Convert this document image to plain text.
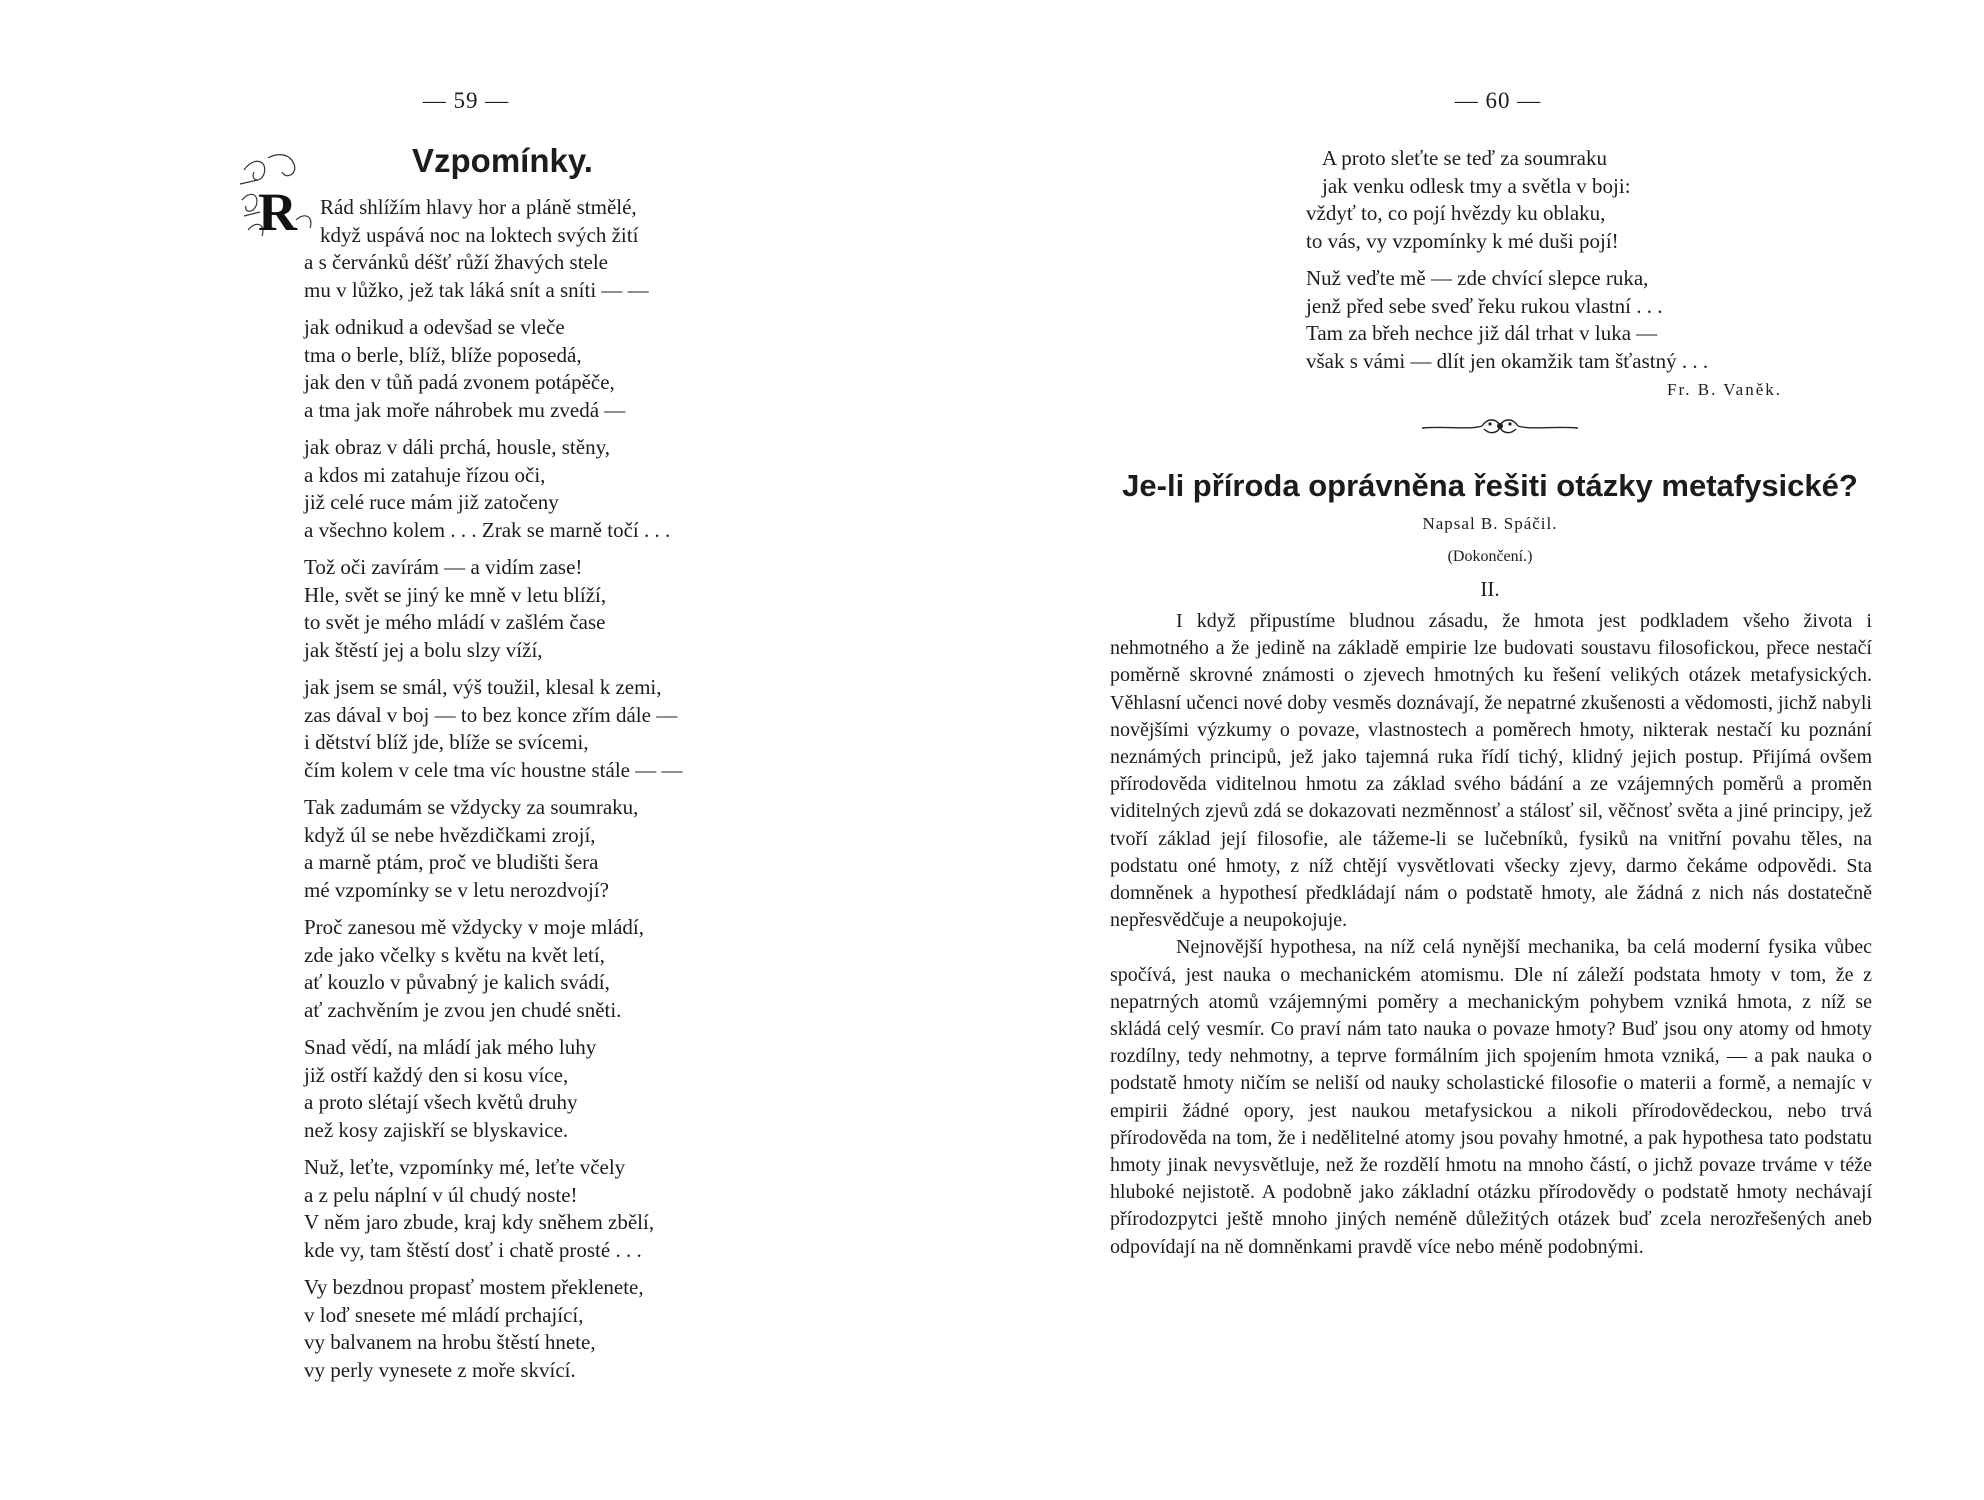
— 59 —
R
Vzpomínky.
Rád shlížím hlavy hor a pláně stmělé,
když uspává noc na loktech svých žití
a s červánků déšť růží žhavých stele
mu v lůžko, jež tak láká snít a sníti — —
jak odnikud a odevšad se vleče
tma o berle, blíž, blíže poposedá,
jak den v tůň padá zvonem potápěče,
a tma jak moře náhrobek mu zvedá —
jak obraz v dáli prchá, housle, stěny,
a kdos mi zatahuje řízou oči,
již celé ruce mám již zatočeny
a všechno kolem . . . Zrak se marně točí . . .
Tož oči zavírám — a vidím zase!
Hle, svět se jiný ke mně v letu blíží,
to svět je mého mládí v zašlém čase
jak štěstí jej a bolu slzy víží,
jak jsem se smál, výš toužil, klesal k zemi,
zas dával v boj — to bez konce zřím dále —
i dětství blíž jde, blíže se svícemi,
čím kolem v cele tma víc houstne stále — —
Tak zadumám se vždycky za soumraku,
když úl se nebe hvězdičkami zrojí,
a marně ptám, proč ve bludišti šera
mé vzpomínky se v letu nerozdvojí?
Proč zanesou mě vždycky v moje mládí,
zde jako včelky s květu na květ letí,
ať kouzlo v půvabný je kalich svádí,
ať zachvěním je zvou jen chudé sněti.
Snad vědí, na mládí jak mého luhy
již ostří každý den si kosu více,
a proto slétají všech květů druhy
než kosy zajiskří se blyskavice.
Nuž, leťte, vzpomínky mé, leťte včely
a z pelu náplní v úl chudý noste!
V něm jaro zbude, kraj kdy sněhem zbělí,
kde vy, tam štěstí dosť i chatě prosté . . .
Vy bezdnou propasť mostem překlenete,
v loď snesete mé mládí prchající,
vy balvanem na hrobu štěstí hnete,
vy perly vynesete z moře skvící.
— 60 —
A proto sleťte se teď za soumraku
jak venku odlesk tmy a světla v boji:
vždyť to, co pojí hvězdy ku oblaku,
to vás, vy vzpomínky k mé duši pojí!
Nuž veďte mě — zde chvící slepce ruka,
jenž před sebe sveď řeku rukou vlastní . . .
Tam za břeh nechce již dál trhat v luka —
však s vámi — dlít jen okamžik tam šťastný . . .
Fr. B. Vaněk.
Je-li příroda oprávněna řešiti otázky metafysické?
Napsal B. Spáčil.
(Dokončení.)
II.

I když připustíme bludnou zásadu, že hmota jest podkladem všeho života i nehmotného a že jedině na základě empirie lze budovati soustavu filosofickou, přece nestačí poměrně skrovné známosti o zjevech hmotných ku řešení velikých otázek metafysických. Věhlasní učenci nové doby vesměs doznávají, že nepatrné zkušenosti a vědomosti, jichž nabyli novějšími výzkumy o povaze, vlastnostech a poměrech hmoty, nikterak nestačí ku poznání neznámých principů, jež jako tajemná ruka řídí tichý, klidný jejich postup. Přijímá ovšem přírodověda viditelnou hmotu za základ svého bádání a ze vzájemných poměrů a proměn viditelných zjevů zdá se dokazovati nezměnnosť a stálosť sil, věčnosť světa a jiné principy, jež tvoří základ její filosofie, ale tážeme-li se lučebníků, fysiků na vnitřní povahu těles, na podstatu oné hmoty, z níž chtějí vysvětlovati všecky zjevy, darmo čekáme odpovědi. Sta domněnek a hypothesí předkládají nám o podstatě hmoty, ale žádná z nich nás dostatečně nepřesvědčuje a neupokojuje.

Nejnovější hypothesa, na níž celá nynější mechanika, ba celá moderní fysika vůbec spočívá, jest nauka o mechanickém atomismu. Dle ní záleží podstata hmoty v tom, že z nepatrných atomů vzájemnými poměry a mechanickým pohybem vzniká hmota, z níž se skládá celý vesmír. Co praví nám tato nauka o povaze hmoty? Buď jsou ony atomy od hmoty rozdílny, tedy nehmotny, a teprve formálním jich spojením hmota vzniká, — a pak nauka o podstatě hmoty ničím se neliší od nauky scholastické filosofie o materii a formě, a nemajíc v empirii žádné opory, jest naukou metafysickou a nikoli přírodovědeckou, nebo trvá přírodověda na tom, že i nedělitelné atomy jsou povahy hmotné, a pak hypothesa tato podstatu hmoty jinak nevysvětluje, než že rozdělí hmotu na mnoho částí, o jichž povaze trváme v téže hluboké nejistotě. A podobně jako základní otázku přírodovědy o podstatě hmoty nechávají přírodozpytci ještě mnoho jiných neméně důležitých otázek buď zcela nerozřešených aneb odpovídají na ně domněnkami pravdě více nebo méně podobnými.
